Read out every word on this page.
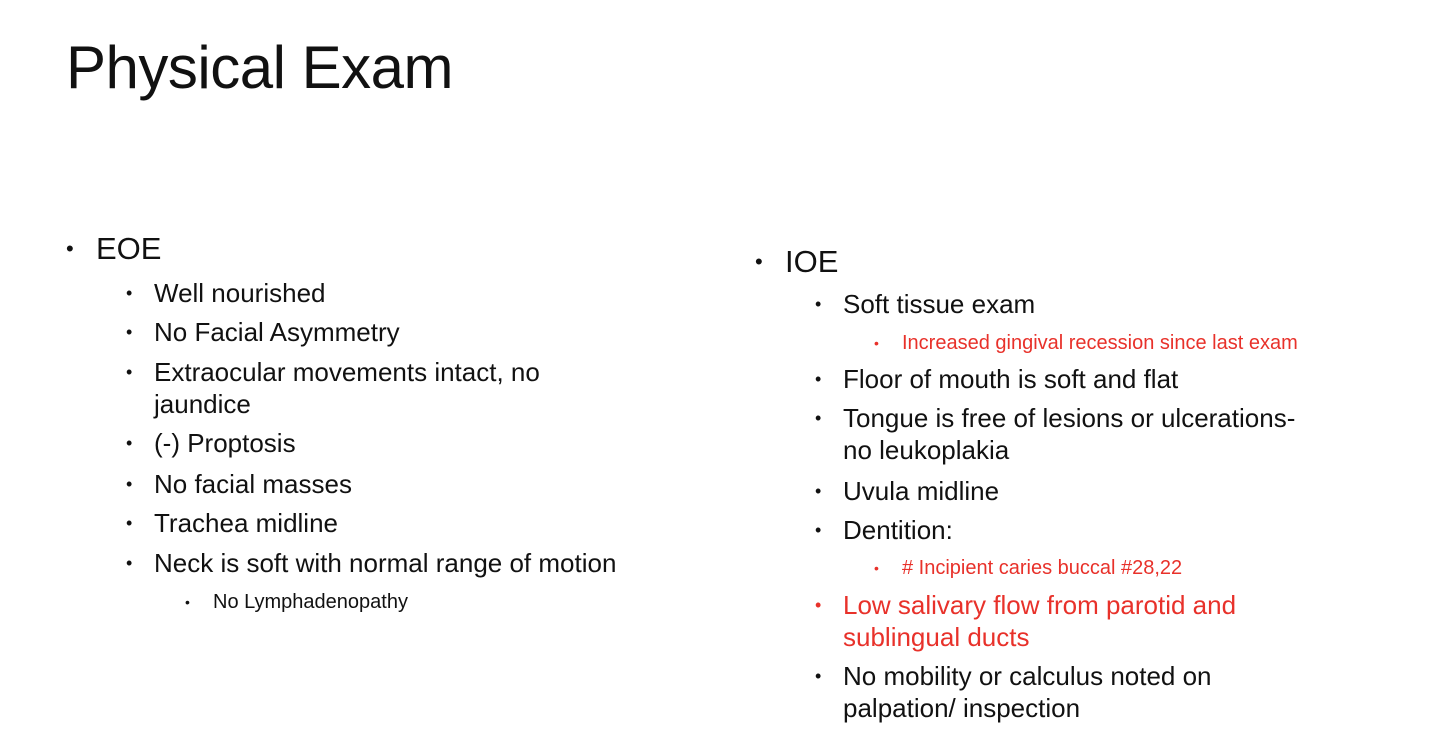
Physical Exam
• EOE
• Well nourished
• No Facial Asymmetry
• Extraocular movements intact, no
jaundice
• (-) Proptosis
• No facial masses
• Trachea midline
• Neck is soft with normal range of motion
• No Lymphadenopathy
• IOE
• Soft tissue exam
• Increased gingival recession since last exam
• Floor of mouth is soft and flat
• Tongue is free of lesions or ulcerations-
no leukoplakia
• Uvula midline
• Dentition:
• # Incipient caries buccal #28,22
• Low salivary flow from parotid and
sublingual ducts
• No mobility or calculus noted on
palpation/ inspection
